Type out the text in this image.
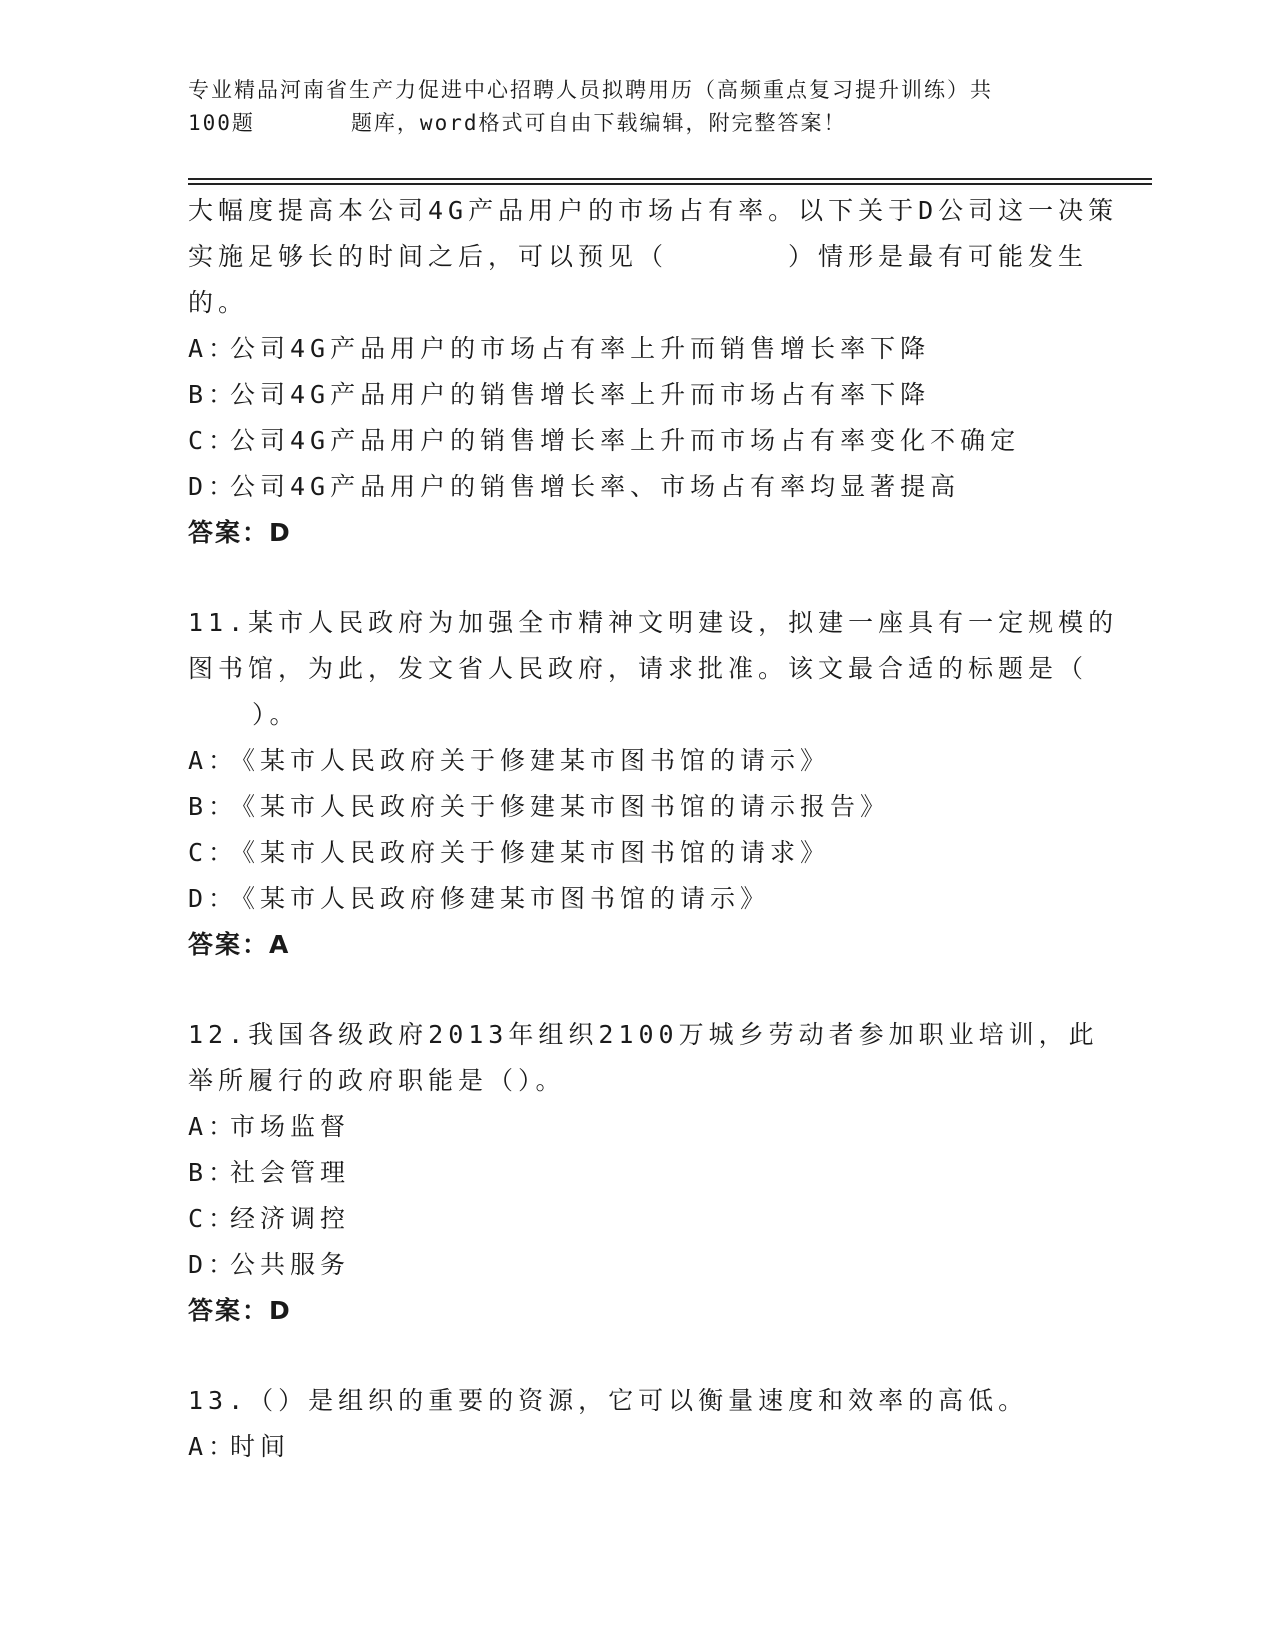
专业精品河南省生产力促进中心招聘人员拟聘用历（高频重点复习提升训练）共
100题	题库，word格式可自由下载编辑，附完整答案！

大幅度提高本公司4G产品用户的市场占有率。以下关于D公司这一决策实施足够长的时间之后，可以预见（	）情形是最有可能发生的。

A：公司4G产品用户的市场占有率上升而销售增长率下降

B：公司4G产品用户的销售增长率上升而市场占有率下降

C：公司4G产品用户的销售增长率上升而市场占有率变化不确定

D：公司4G产品用户的销售增长率、市场占有率均显著提高

答案：D

11.某市人民政府为加强全市精神文明建设，拟建一座具有一定规模的图书馆，为此，发文省人民政府，请求批准。该文最合适的标题是（）。

A：《某市人民政府关于修建某市图书馆的请示》

B：《某市人民政府关于修建某市图书馆的请示报告》

C：《某市人民政府关于修建某市图书馆的请求》

D：《某市人民政府修建某市图书馆的请示》

答案：A

12.我国各级政府2013年组织2100万城乡劳动者参加职业培训，此举所履行的政府职能是（）。

A：市场监督

B：社会管理

C：经济调控

D：公共服务

答案：D

13.（）是组织的重要的资源，它可以衡量速度和效率的高低。

A：时间
